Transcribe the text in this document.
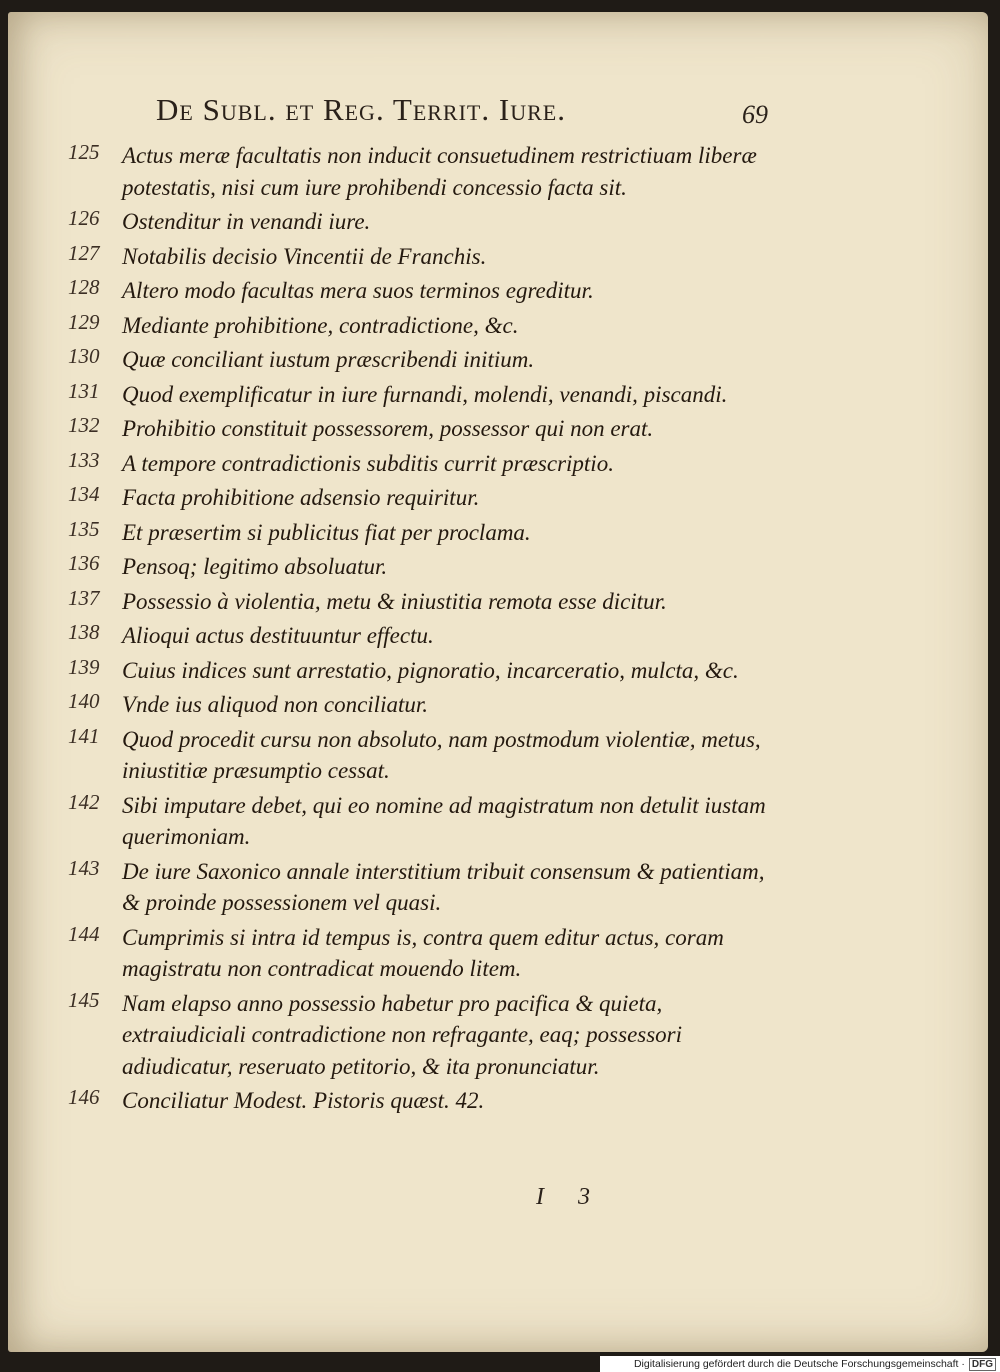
De Subl. et Reg. Territ. Iure.	69
125 Actus meræ facultatis non inducit consuetudinem restrictiuam liberæ potestatis, nisi cum iure prohibendi concessio facta sit.
126 Ostenditur in venandi iure.
127 Notabilis decisio Vincentii de Franchis.
128 Altero modo facultas mera suos terminos egreditur.
129 Mediante prohibitione, contradictione, &c.
130 Quæ conciliant iustum præscribendi initium.
131 Quod exemplificatur in iure furnandi, molendi, venandi, piscandi.
132 Prohibitio constituit possessorem, possessor qui non erat.
133 A tempore contradictionis subditis currit præscriptio.
134 Facta prohibitione adsensio requiritur.
135 Et præsertim si publicitus fiat per proclama.
136 Pensoq; legitimo absoluatur.
137 Possessio à violentia, metu & iniustitia remota esse dicitur.
138 Alioqui actus destituuntur effectu.
139 Cuius indices sunt arrestatio, pignoratio, incarceratio, mulcta, &c.
140 Vnde ius aliquod non conciliatur.
141 Quod procedit cursu non absoluto, nam postmodum violentiæ, metus, iniustitiæ præsumptio cessat.
142 Sibi imputare debet, qui eo nomine ad magistratum non detulit iustam querimoniam.
143 De iure Saxonico annale interstitium tribuit consensum & patientiam, & proinde possessionem vel quasi.
144 Cumprimis si intra id tempus is, contra quem editur actus, coram magistratu non contradicat mouendo litem.
145 Nam elapso anno possessio habetur pro pacifica & quieta, extraiudiciali contradictione non refragante, eaq; possessori adiudicatur, reseruato petitorio, & ita pronunciatur.
146 Conciliatur Modest. Pistoris quæst. 42.
I 3
Digitalisierung gefördert durch die Deutsche Forschungsgemeinschaft · DFG
